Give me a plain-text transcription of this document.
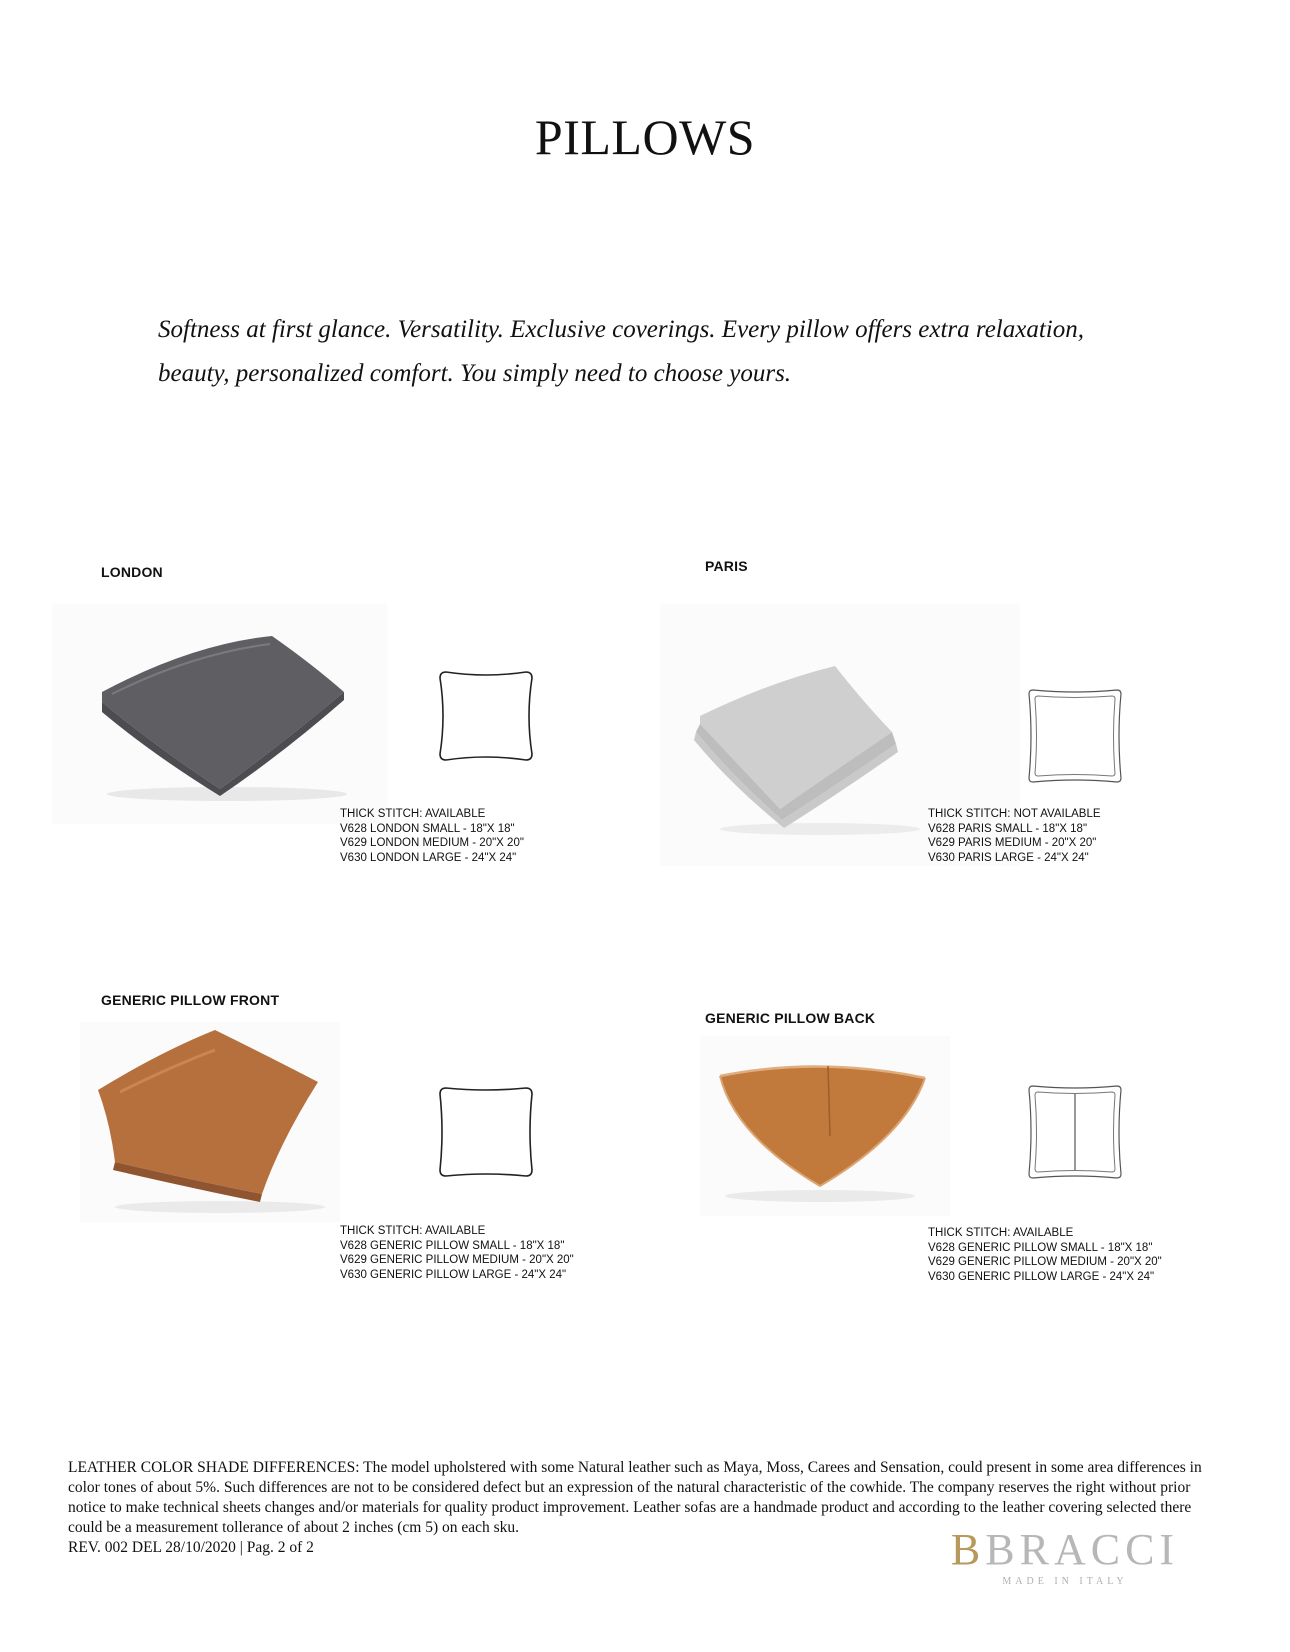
PILLOWS

Softness at first glance. Versatility. Exclusive coverings. Every pillow offers extra relaxation, beauty, personalized comfort. You simply need to choose yours.

LONDON
THICK STITCH: AVAILABLE
V628 LONDON SMALL - 18"X 18"
V629 LONDON MEDIUM - 20"X 20"
V630 LONDON LARGE - 24"X 24"
PARIS
THICK STITCH: NOT AVAILABLE
V628 PARIS SMALL - 18"X 18"
V629 PARIS MEDIUM - 20"X 20"
V630 PARIS LARGE - 24"X 24"
GENERIC PILLOW FRONT
THICK STITCH: AVAILABLE
V628 GENERIC PILLOW SMALL - 18"X 18"
V629 GENERIC PILLOW MEDIUM - 20"X 20"
V630 GENERIC PILLOW LARGE - 24"X 24"
GENERIC PILLOW BACK
THICK STITCH: AVAILABLE
V628 GENERIC PILLOW SMALL - 18"X 18"
V629 GENERIC PILLOW MEDIUM - 20"X 20"
V630 GENERIC PILLOW LARGE - 24"X 24"
LEATHER COLOR SHADE DIFFERENCES: The model upholstered with some Natural leather such as Maya, Moss, Carees and Sensation, could present in some area differences in color tones of about 5%. Such differences are not to be considered defect but an expression of the natural characteristic of the cowhide. The company reserves the right without prior notice to make technical sheets changes and/or materials for quality product improvement. Leather sofas are a handmade product and according to the leather covering selected there could be a measurement tollerance of about 2 inches (cm 5) on each sku.
REV. 002 DEL 28/10/2020 | Pag. 2 of 2	BBRACCI
MADE IN ITALY
